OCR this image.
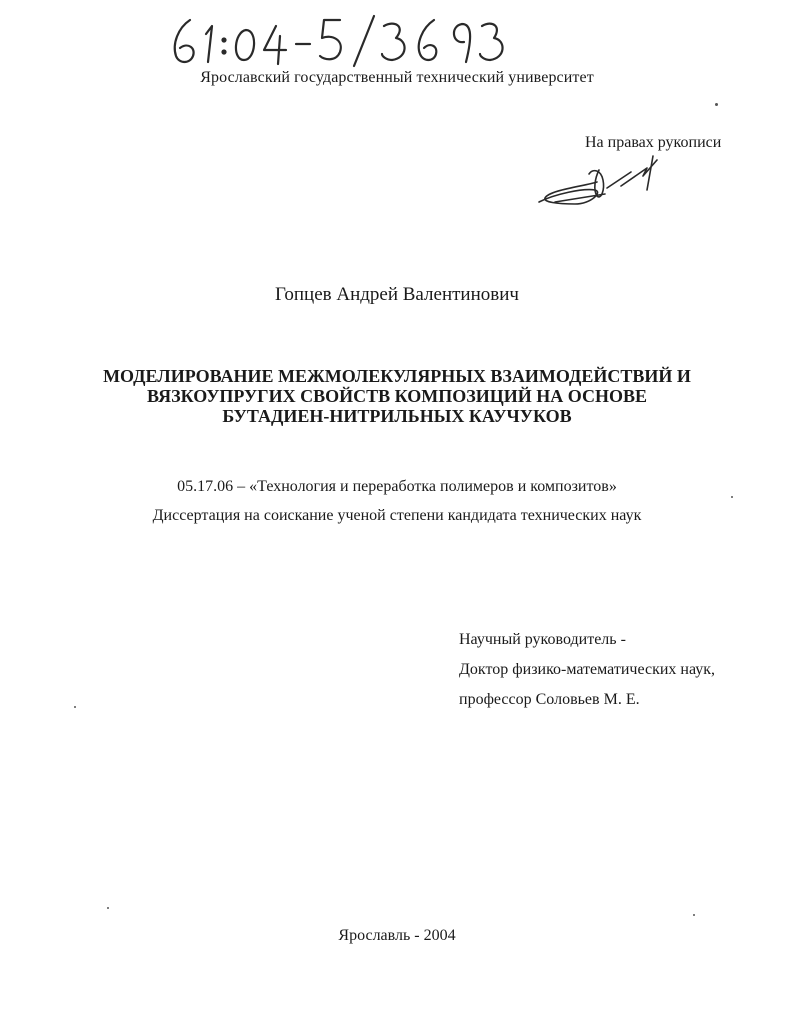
Ярославский государственный технический университет
На правах рукописи
Гопцев Андрей Валентинович
МОДЕЛИРОВАНИЕ МЕЖМОЛЕКУЛЯРНЫХ ВЗАИМОДЕЙСТВИЙ И
ВЯЗКОУПРУГИХ СВОЙСТВ КОМПОЗИЦИЙ НА ОСНОВЕ
БУТАДИЕН-НИТРИЛЬНЫХ КАУЧУКОВ
05.17.06 – «Технология и переработка полимеров и композитов»
Диссертация на соискание ученой степени кандидата технических наук
Научный руководитель -
Доктор физико-математических наук,
профессор Соловьев М. Е.
Ярославль - 2004
